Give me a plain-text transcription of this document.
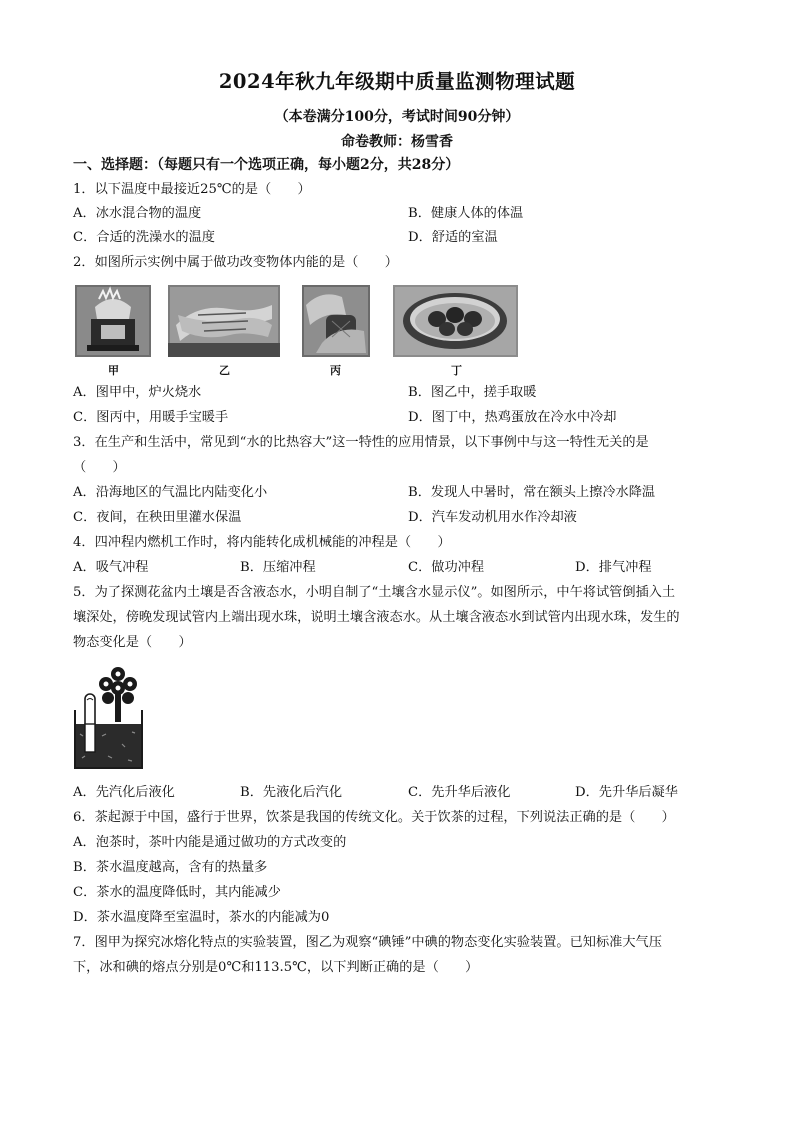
2024年秋九年级期中质量监测物理试题
（本卷满分100分，考试时间90分钟）
命卷教师：杨雪香
一、选择题：（每题只有一个选项正确，每小题2分，共28分）
1．以下温度中最接近25℃的是（　　）
A．冰水混合物的温度	B．健康人体的体温
C．合适的洗澡水的温度	D．舒适的室温
2．如图所示实例中属于做功改变物体内能的是（　　）
甲	乙	丙	丁
A．图甲中，炉火烧水	B．图乙中，搓手取暖
C．图丙中，用暖手宝暖手	D．图丁中，热鸡蛋放在冷水中冷却
3．在生产和生活中，常见到“水的比热容大”这一特性的应用情景，以下事例中与这一特性无关的是
（　　）
A．沿海地区的气温比内陆变化小	B．发现人中暑时，常在额头上擦冷水降温
C．夜间，在秧田里灌水保温	D．汽车发动机用水作冷却液
4．四冲程内燃机工作时，将内能转化成机械能的冲程是（　　）
A．吸气冲程	B．压缩冲程	C．做功冲程	D．排气冲程
5．为了探测花盆内土壤是否含液态水，小明自制了“土壤含水显示仪”。如图所示，中午将试管倒插入土
壤深处，傍晚发现试管内上端出现水珠，说明土壤含液态水。从土壤含液态水到试管内出现水珠，发生的
物态变化是（　　）
A．先汽化后液化	B．先液化后汽化	C．先升华后液化	D．先升华后凝华
6．茶起源于中国，盛行于世界，饮茶是我国的传统文化。关于饮茶的过程，下列说法正确的是（　　）
A．泡茶时，茶叶内能是通过做功的方式改变的
B．茶水温度越高，含有的热量多
C．茶水的温度降低时，其内能减少
D．茶水温度降至室温时，茶水的内能减为0
7．图甲为探究冰熔化特点的实验装置，图乙为观察“碘锤”中碘的物态变化实验装置。已知标准大气压
下，冰和碘的熔点分别是0℃和113.5℃，以下判断正确的是（　　）
